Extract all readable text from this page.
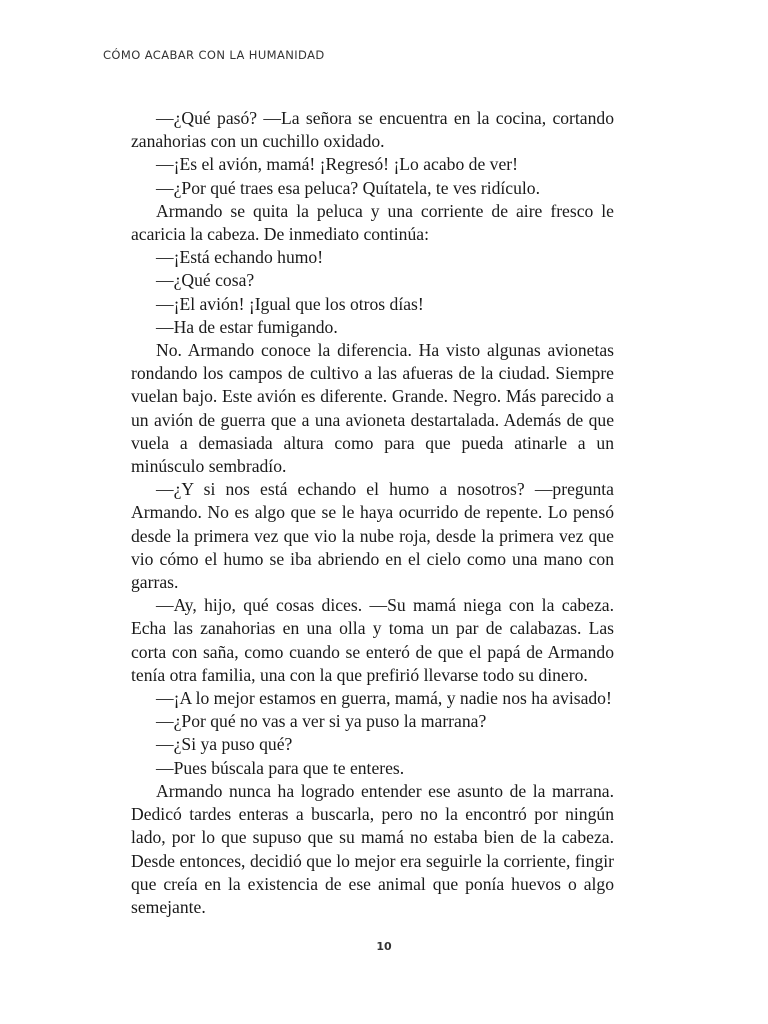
CÓMO ACABAR CON LA HUMANIDAD

—¿Qué pasó? —La señora se encuentra en la cocina, cortando zanahorias con un cuchillo oxidado.

—¡Es el avión, mamá! ¡Regresó! ¡Lo acabo de ver!

—¿Por qué traes esa peluca? Quítatela, te ves ridículo.

Armando se quita la peluca y una corriente de aire fresco le acaricia la cabeza. De inmediato continúa:

—¡Está echando humo!

—¿Qué cosa?

—¡El avión! ¡Igual que los otros días!

—Ha de estar fumigando.

No. Armando conoce la diferencia. Ha visto algunas avionetas rondando los campos de cultivo a las afueras de la ciudad. Siempre vuelan bajo. Este avión es diferente. Grande. Negro. Más parecido a un avión de guerra que a una avioneta destartalada. Además de que vuela a demasiada altura como para que pueda atinarle a un minúsculo sembradío.

—¿Y si nos está echando el humo a nosotros? —pregunta Armando. No es algo que se le haya ocurrido de repente. Lo pensó desde la primera vez que vio la nube roja, desde la primera vez que vio cómo el humo se iba abriendo en el cielo como una mano con garras.

—Ay, hijo, qué cosas dices. —Su mamá niega con la cabeza. Echa las zanahorias en una olla y toma un par de calabazas. Las corta con saña, como cuando se enteró de que el papá de Armando tenía otra familia, una con la que prefirió llevarse todo su dinero.

—¡A lo mejor estamos en guerra, mamá, y nadie nos ha avisado!

—¿Por qué no vas a ver si ya puso la marrana?

—¿Si ya puso qué?

—Pues búscala para que te enteres.

Armando nunca ha logrado entender ese asunto de la marrana. Dedicó tardes enteras a buscarla, pero no la encontró por ningún lado, por lo que supuso que su mamá no estaba bien de la cabeza. Desde entonces, decidió que lo mejor era seguirle la corriente, fingir que creía en la existencia de ese animal que ponía huevos o algo semejante.

10
